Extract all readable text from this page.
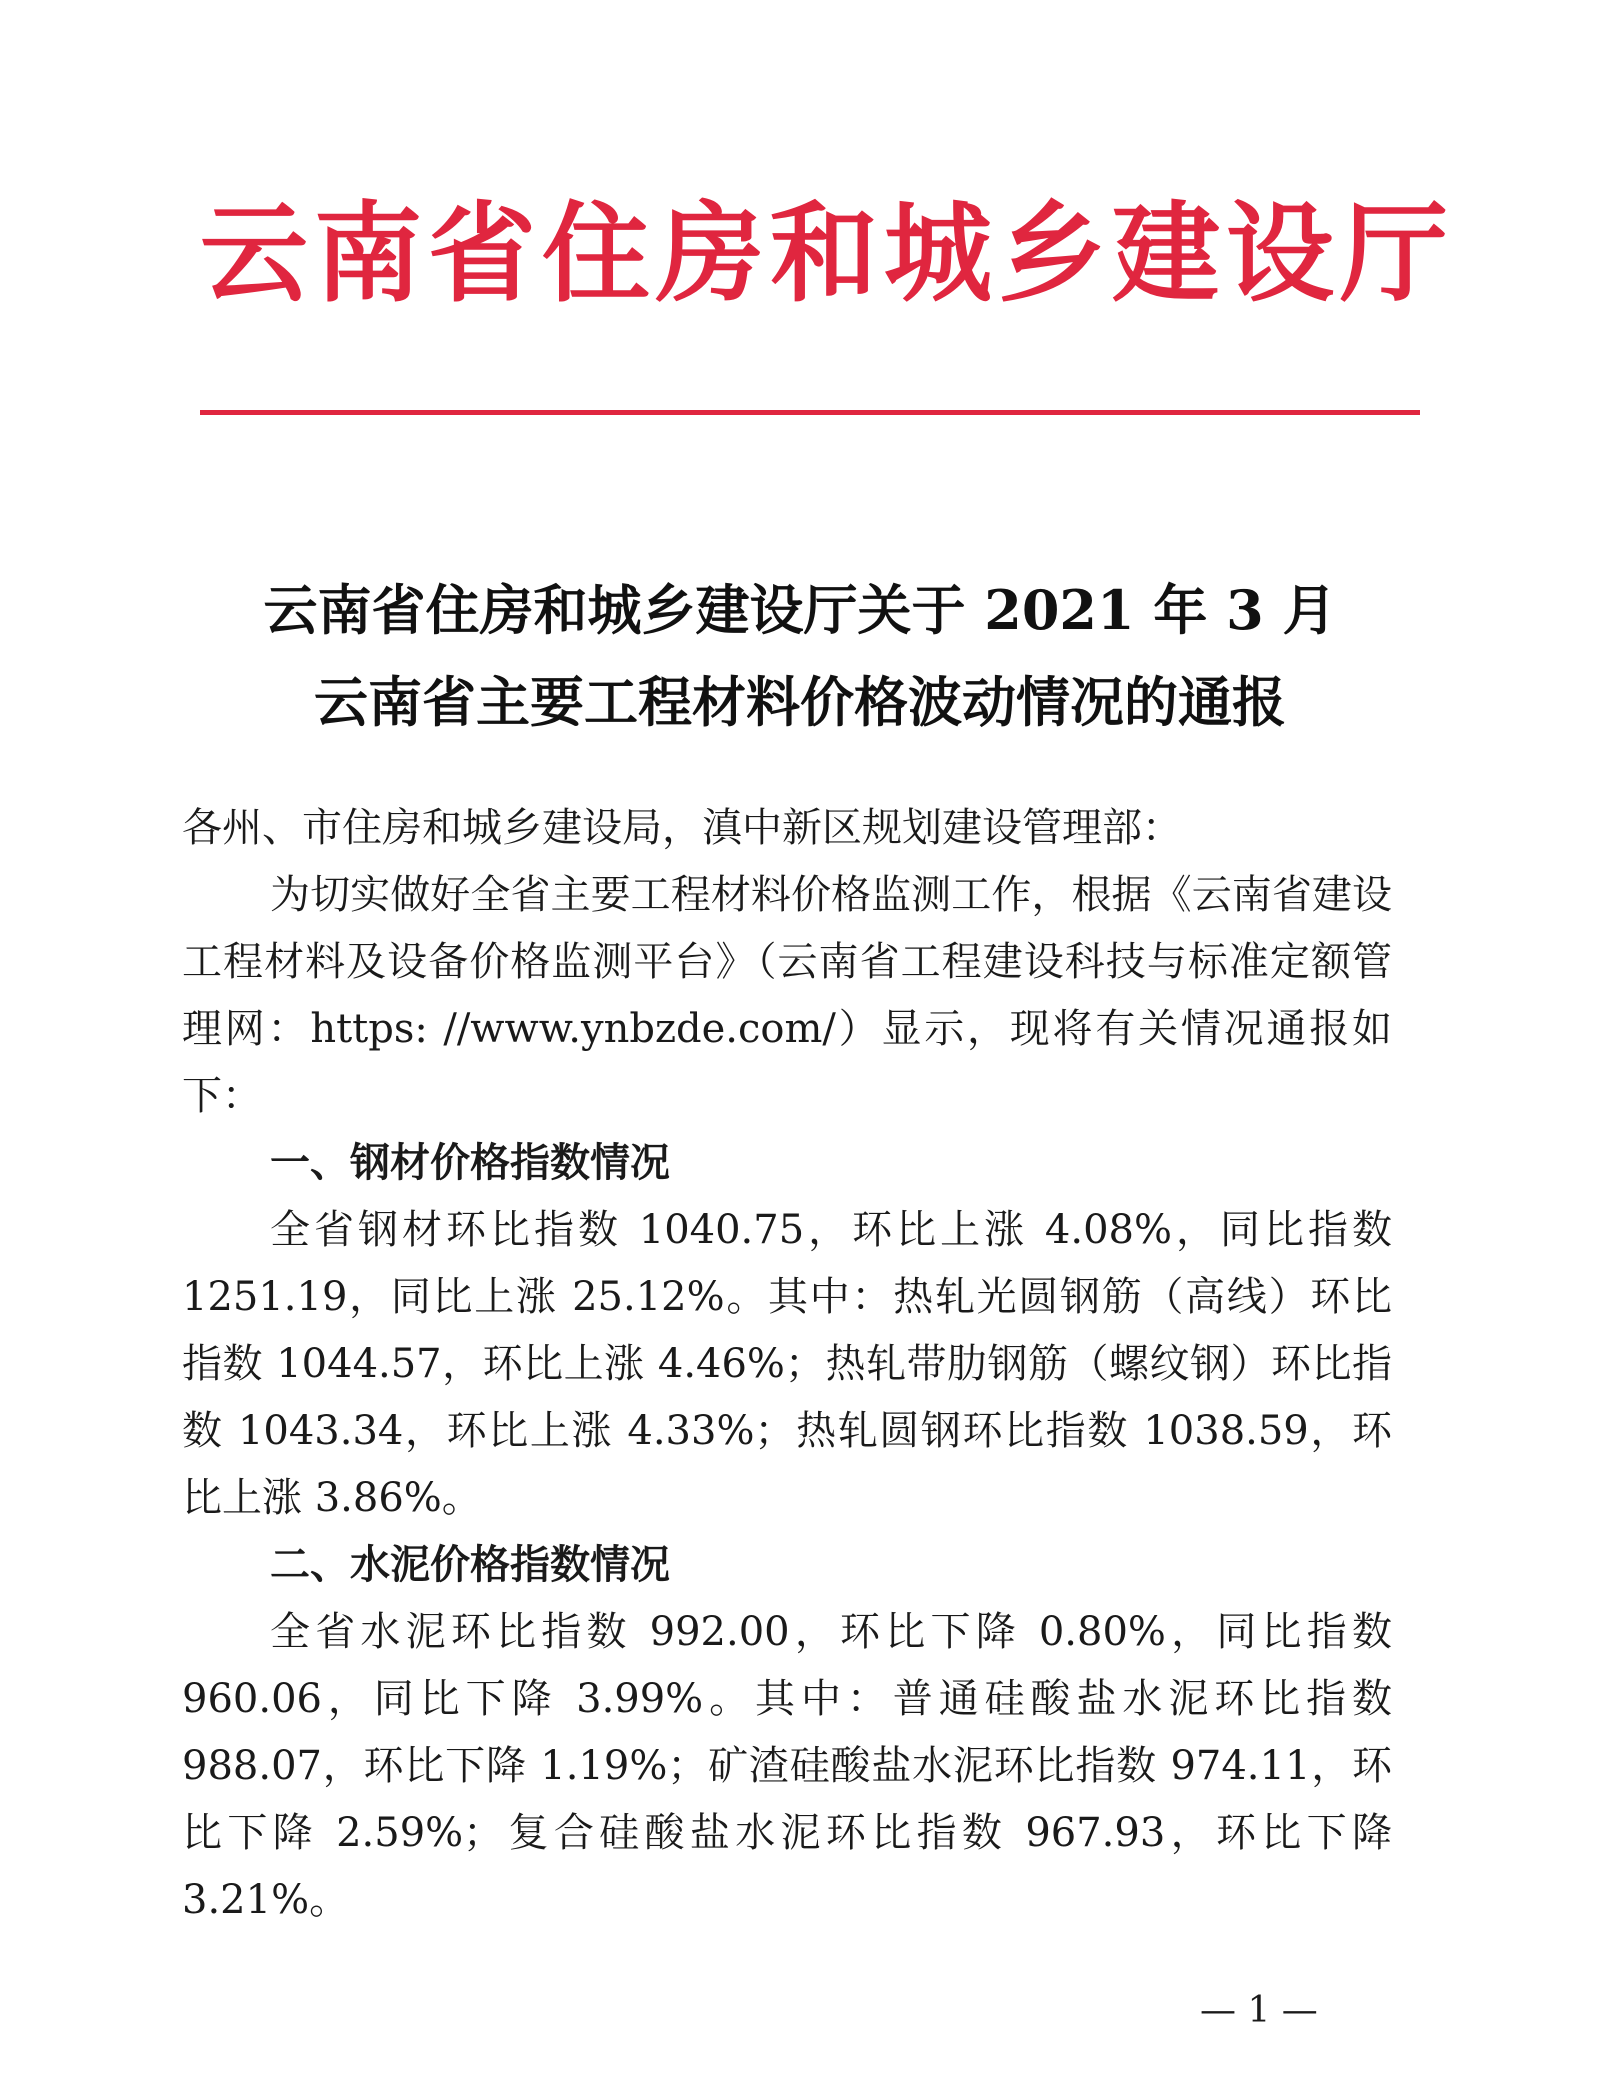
云南省住房和城乡建设厅
云南省住房和城乡建设厅关于 2021 年 3 月
云南省主要工程材料价格波动情况的通报

各州、市住房和城乡建设局，滇中新区规划建设管理部：

为切实做好全省主要工程材料价格监测工作，根据《云南省建设工程材料及设备价格监测平台》（云南省工程建设科技与标准定额管理网：https: //www.ynbzde.com/）显示，现将有关情况通报如下：

一、钢材价格指数情况

全省钢材环比指数 1040.75，环比上涨 4.08%，同比指数 1251.19，同比上涨 25.12%。其中：热轧光圆钢筋（高线）环比指数 1044.57，环比上涨 4.46%；热轧带肋钢筋（螺纹钢）环比指数 1043.34，环比上涨 4.33%；热轧圆钢环比指数 1038.59，环比上涨 3.86%。

二、水泥价格指数情况

全省水泥环比指数 992.00，环比下降 0.80%，同比指数 960.06，同比下降 3.99%。其中：普通硅酸盐水泥环比指数 988.07，环比下降 1.19%；矿渣硅酸盐水泥环比指数 974.11，环比下降 2.59%；复合硅酸盐水泥环比指数 967.93，环比下降 3.21%。

— 1 —
